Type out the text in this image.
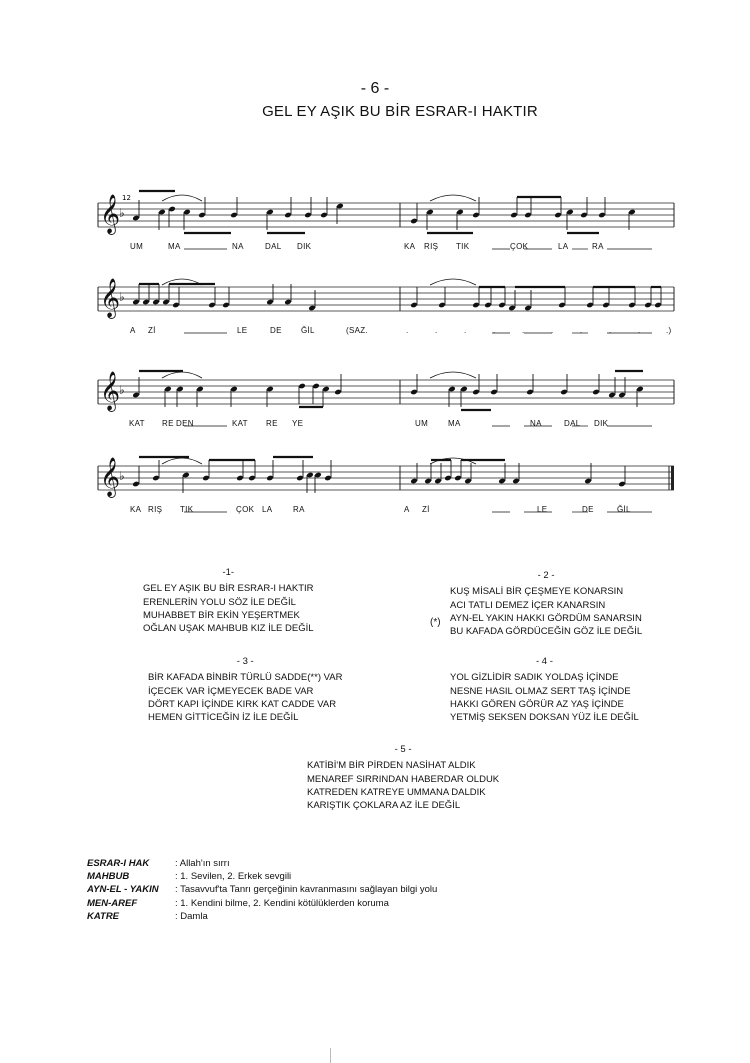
- 6 -
GEL EY AŞIK BU BİR ESRAR-I HAKTIR
𝄞
♭
12
UM	MA	NA	DAL DIK	KA RIŞ TIK	ÇOK	LA	RA
𝄞
♭
A Zİ	LE	DE ĞİL	(SAZ.	.	.	.	.	.	.	.	.	.	.)
𝄞
♭
KAT RE DEN	KAT RE YE	UM MA	NA	DAL DIK
𝄞
♭
KA RIŞ TIK	ÇOK LA	RA	A Zİ	LE	DE	ĞİL
-1-
GEL EY AŞIK BU BİR ESRAR-I HAKTIR
ERENLERİN YOLU SÖZ İLE DEĞİL
MUHABBET BİR EKİN YEŞERTMEK
OĞLAN UŞAK MAHBUB KIZ İLE DEĞİL
- 2 -
KUŞ MİSALİ BİR ÇEŞMEYE KONARSIN
ACI TATLI DEMEZ İÇER KANARSIN
AYN-EL YAKIN HAKKI GÖRDÜM SANARSIN
BU KAFADA GÖRDÜCEĞİN GÖZ İLE DEĞİL
(*)
- 3 -
BİR KAFADA BİNBİR TÜRLÜ SADDE(**) VAR
İÇECEK VAR İÇMEYECEK BADE VAR
DÖRT KAPI İÇİNDE KIRK KAT CADDE VAR
HEMEN GİTTİCEĞİN İZ İLE DEĞİL
- 4 -
YOL GİZLİDİR SADIK YOLDAŞ İÇİNDE
NESNE HASIL OLMAZ SERT TAŞ İÇİNDE
HAKKI GÖREN GÖRÜR AZ YAŞ İÇİNDE
YETMİŞ SEKSEN DOKSAN YÜZ İLE DEĞİL
- 5 -
KATİBİ'M BİR PİRDEN NASİHAT ALDIK
MENAREF SIRRINDAN HABERDAR OLDUK
KATREDEN KATREYE UMMANA DALDIK
KARIŞTIK ÇOKLARA AZ İLE DEĞİL
ESRAR-I HAK	: Allah'ın sırrı
MAHBUB	: 1. Sevilen, 2. Erkek sevgili
AYN-EL - YAKIN	: Tasavvuf'ta Tanrı gerçeğinin kavranmasını sağlayan bilgi yolu
MEN-AREF	: 1. Kendini bilme, 2. Kendini kötülüklerden koruma
KATRE	: Damla
